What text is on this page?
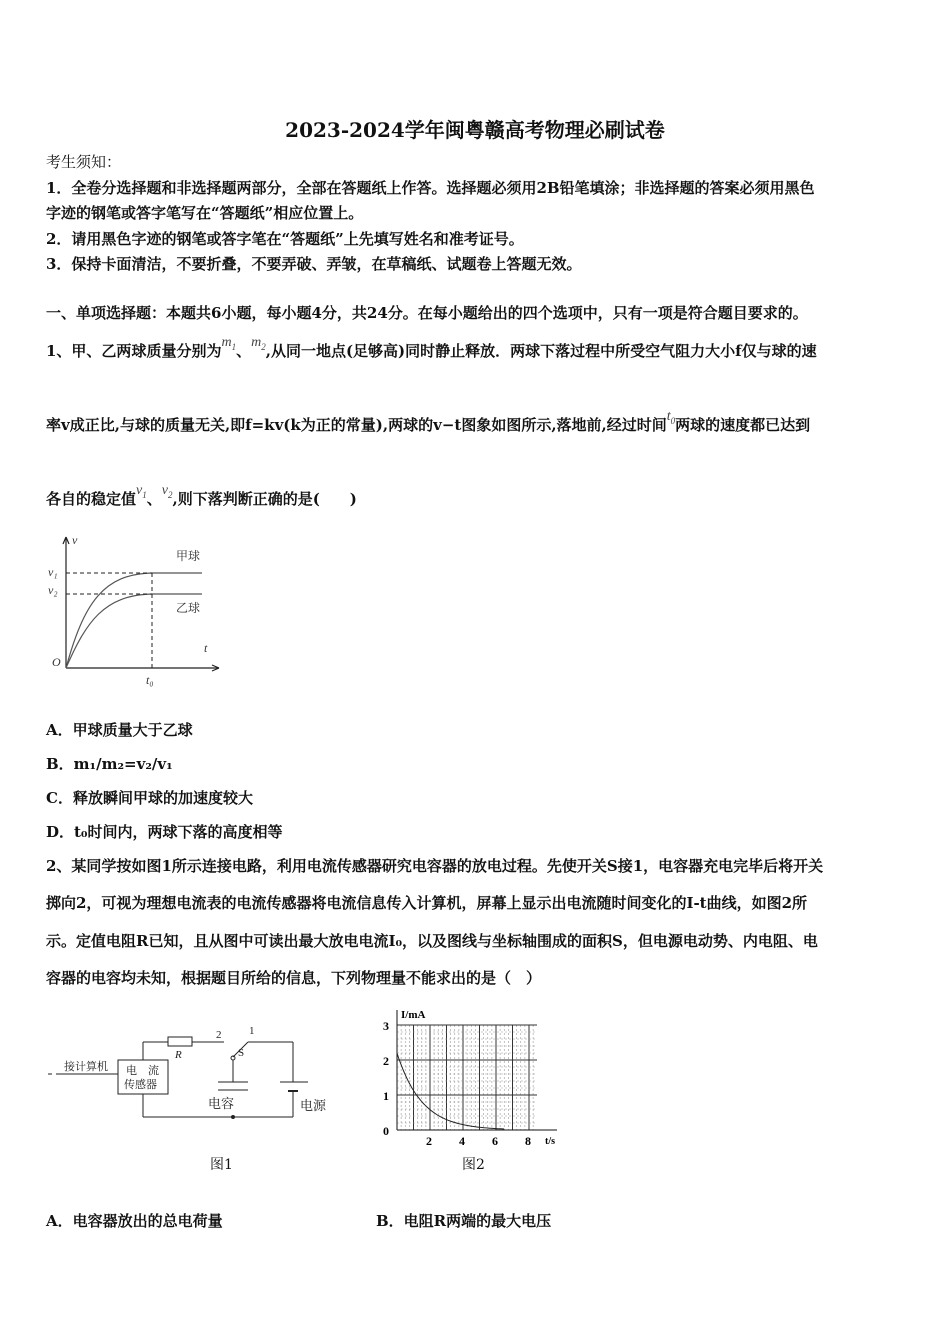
2023-2024学年闽粤赣高考物理必刷试卷
考生须知：
1．全卷分选择题和非选择题两部分，全部在答题纸上作答。选择题必须用2B铅笔填涂；非选择题的答案必须用黑色
字迹的钢笔或答字笔写在“答题纸”相应位置上。
2．请用黑色字迹的钢笔或答字笔在“答题纸”上先填写姓名和准考证号。
3．保持卡面清洁，不要折叠，不要弄破、弄皱，在草稿纸、试题卷上答题无效。
一、单项选择题：本题共6小题，每小题4分，共24分。在每小题给出的四个选项中，只有一项是符合题目要求的。
1、甲、乙两球质量分别为$m_1$、$m_2$,从同一地点(足够高)同时静止释放．两球下落过程中所受空气阻力大小f仅与球的速
率v成正比,与球的质量无关,即f=kv(k为正的常量),两球的v−t图象如图所示,落地前,经过时间$t_0$两球的速度都已达到
各自的稳定值$v_1$、$v_2$,则下落判断正确的是(　　)
v
v₁
v₂
t
O
t₀
甲球
乙球
A．甲球质量大于乙球
B．m₁/m₂=v₂/v₁
C．释放瞬间甲球的加速度较大
D．t₀时间内，两球下落的高度相等
2、某同学按如图1所示连接电路，利用电流传感器研究电容器的放电过程。先使开关S接1，电容器充电完毕后将开关
掷向2，可视为理想电流表的电流传感器将电流信息传入计算机，屏幕上显示出电流随时间变化的I-t曲线，如图2所
示。定值电阻R已知，且从图中可读出最大放电电流I₀，以及图线与坐标轴围成的面积S，但电源电动势、内电阻、电
容器的电容均未知，根据题目所给的信息，下列物理量不能求出的是（　）
接计算机 电　流
传感器
R
2	1
S
电容	电源
图1
I/mA
t/s
0
1
2
3
2 4 6 8
图2
A．电容器放出的总电荷量	B．电阻R两端的最大电压
